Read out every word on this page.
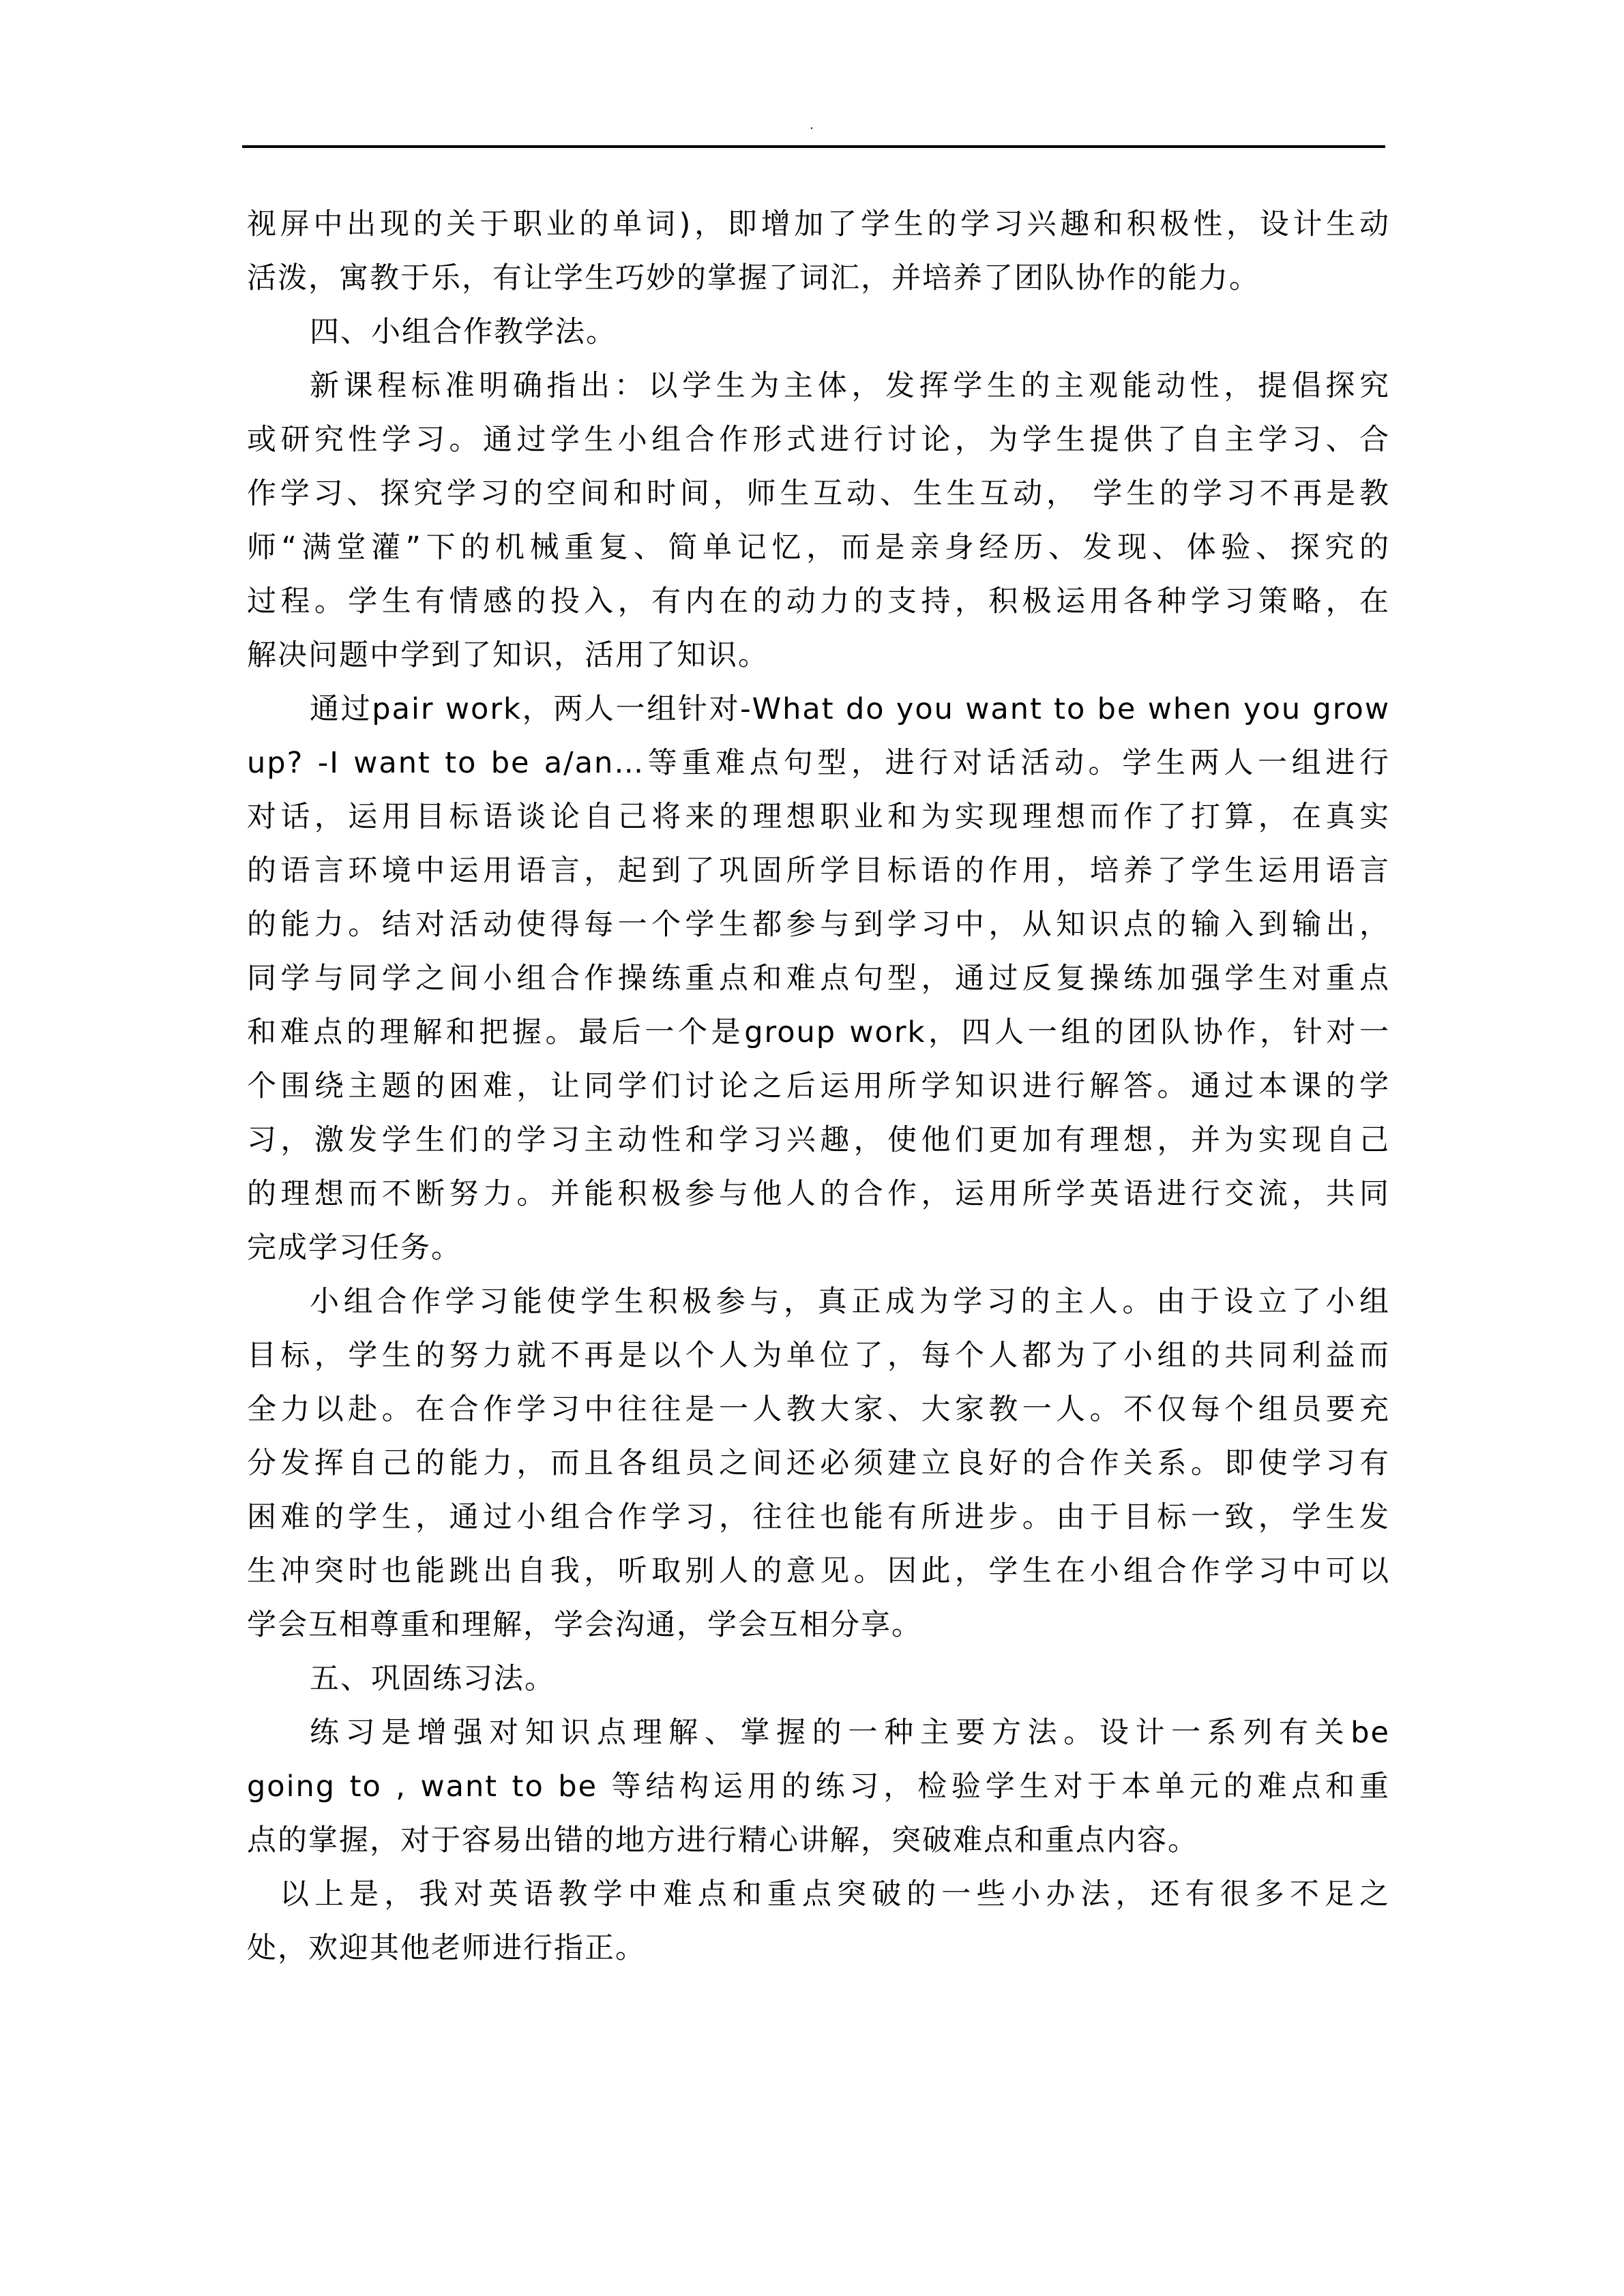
.
视屏中出现的关于职业的单词)，即增加了学生的学习兴趣和积极性，设计生动
活泼，寓教于乐，有让学生巧妙的掌握了词汇，并培养了团队协作的能力。
四、小组合作教学法。
新课程标准明确指出：以学生为主体，发挥学生的主观能动性，提倡探究
或研究性学习。通过学生小组合作形式进行讨论，为学生提供了自主学习、合
作学习、探究学习的空间和时间，师生互动、生生互动， 学生的学习不再是教
师“满堂灌”下的机械重复、简单记忆，而是亲身经历、发现、体验、探究的
过程。学生有情感的投入，有内在的动力的支持，积极运用各种学习策略，在
解决问题中学到了知识，活用了知识。
通过pair work，两人一组针对-What do you want to be when you grow
up? -I want to be a/an…等重难点句型，进行对话活动。学生两人一组进行
对话，运用目标语谈论自己将来的理想职业和为实现理想而作了打算，在真实
的语言环境中运用语言，起到了巩固所学目标语的作用，培养了学生运用语言
的能力。结对活动使得每一个学生都参与到学习中，从知识点的输入到输出，
同学与同学之间小组合作操练重点和难点句型，通过反复操练加强学生对重点
和难点的理解和把握。最后一个是group work，四人一组的团队协作，针对一
个围绕主题的困难，让同学们讨论之后运用所学知识进行解答。通过本课的学
习，激发学生们的学习主动性和学习兴趣，使他们更加有理想，并为实现自己
的理想而不断努力。并能积极参与他人的合作，运用所学英语进行交流，共同
完成学习任务。
小组合作学习能使学生积极参与，真正成为学习的主人。由于设立了小组
目标，学生的努力就不再是以个人为单位了，每个人都为了小组的共同利益而
全力以赴。在合作学习中往往是一人教大家、大家教一人。不仅每个组员要充
分发挥自己的能力，而且各组员之间还必须建立良好的合作关系。即使学习有
困难的学生，通过小组合作学习，往往也能有所进步。由于目标一致，学生发
生冲突时也能跳出自我，听取别人的意见。因此，学生在小组合作学习中可以
学会互相尊重和理解，学会沟通，学会互相分享。
五、巩固练习法。
练习是增强对知识点理解、掌握的一种主要方法。设计一系列有关be
going to , want to be 等结构运用的练习，检验学生对于本单元的难点和重
点的掌握，对于容易出错的地方进行精心讲解，突破难点和重点内容。
以上是，我对英语教学中难点和重点突破的一些小办法，还有很多不足之
处，欢迎其他老师进行指正。
